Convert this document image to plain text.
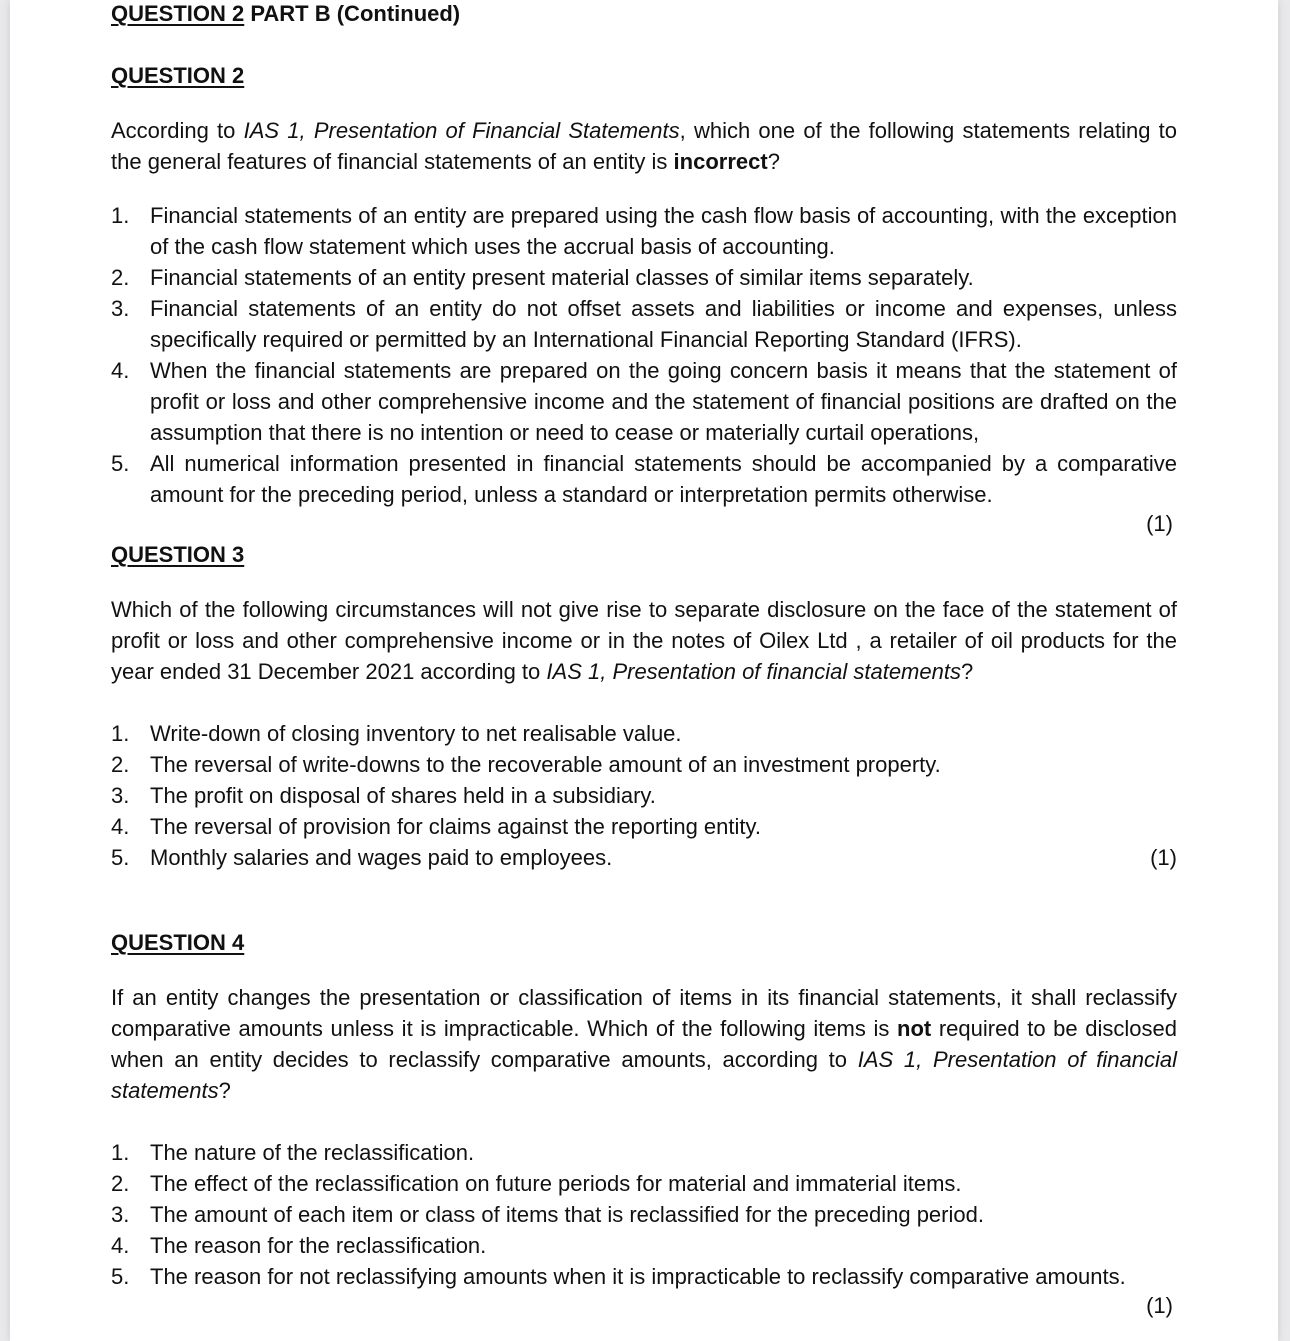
QUESTION 2 PART B (Continued)

QUESTION 2

According to IAS 1, Presentation of Financial Statements, which one of the following statements relating to the general features of financial statements of an entity is incorrect?

1. Financial statements of an entity are prepared using the cash flow basis of accounting, with the exception of the cash flow statement which uses the accrual basis of accounting.
2. Financial statements of an entity present material classes of similar items separately.
3. Financial statements of an entity do not offset assets and liabilities or income and expenses, unless specifically required or permitted by an International Financial Reporting Standard (IFRS).
4. When the financial statements are prepared on the going concern basis it means that the statement of profit or loss and other comprehensive income and the statement of financial positions are drafted on the assumption that there is no intention or need to cease or materially curtail operations,
5. All numerical information presented in financial statements should be accompanied by a comparative amount for the preceding period, unless a standard or interpretation permits otherwise.
(1)

QUESTION 3

Which of the following circumstances will not give rise to separate disclosure on the face of the statement of profit or loss and other comprehensive income or in the notes of Oilex Ltd , a retailer of oil products for the year ended 31 December 2021 according to IAS 1, Presentation of financial statements?

1. Write-down of closing inventory to net realisable value.
2. The reversal of write-downs to the recoverable amount of an investment property.
3. The profit on disposal of shares held in a subsidiary.
4. The reversal of provision for claims against the reporting entity.
5. Monthly salaries and wages paid to employees.	(1)

QUESTION 4

If an entity changes the presentation or classification of items in its financial statements, it shall reclassify comparative amounts unless it is impracticable. Which of the following items is not required to be disclosed when an entity decides to reclassify comparative amounts, according to IAS 1, Presentation of financial statements?

1. The nature of the reclassification.
2. The effect of the reclassification on future periods for material and immaterial items.
3. The amount of each item or class of items that is reclassified for the preceding period.
4. The reason for the reclassification.
5. The reason for not reclassifying amounts when it is impracticable to reclassify comparative amounts.
(1)
